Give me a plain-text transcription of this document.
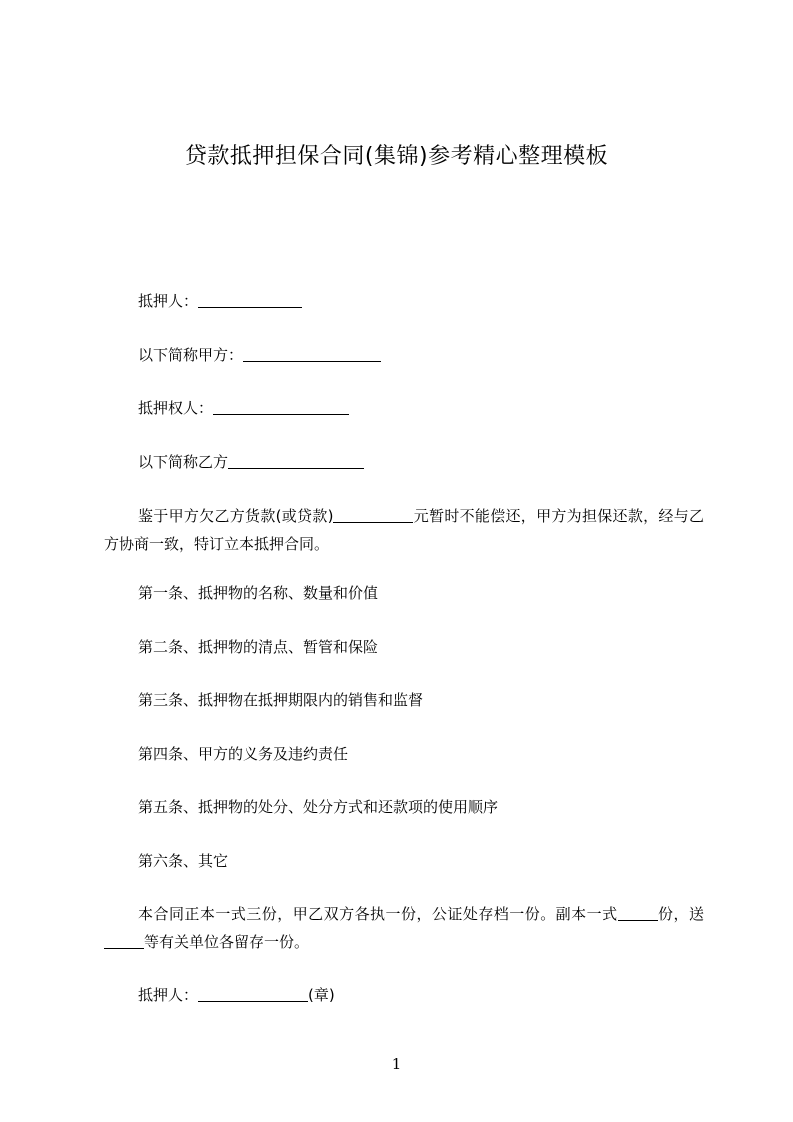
贷款抵押担保合同(集锦)参考精心整理模板
抵押人：
以下简称甲方：
抵押权人：
以下简称乙方
鉴于甲方欠乙方货款(或贷款)	元暂时不能偿还，甲方为担保还款，经与乙方协商一致，特订立本抵押合同。
第一条、抵押物的名称、数量和价值
第二条、抵押物的清点、暂管和保险
第三条、抵押物在抵押期限内的销售和监督
第四条、甲方的义务及违约责任
第五条、抵押物的处分、处分方式和还款项的使用顺序
第六条、其它
本合同正本一式三份，甲乙双方各执一份，公证处存档一份。副本一式	份，送等有关单位各留存一份。
抵押人：	(章)
1
